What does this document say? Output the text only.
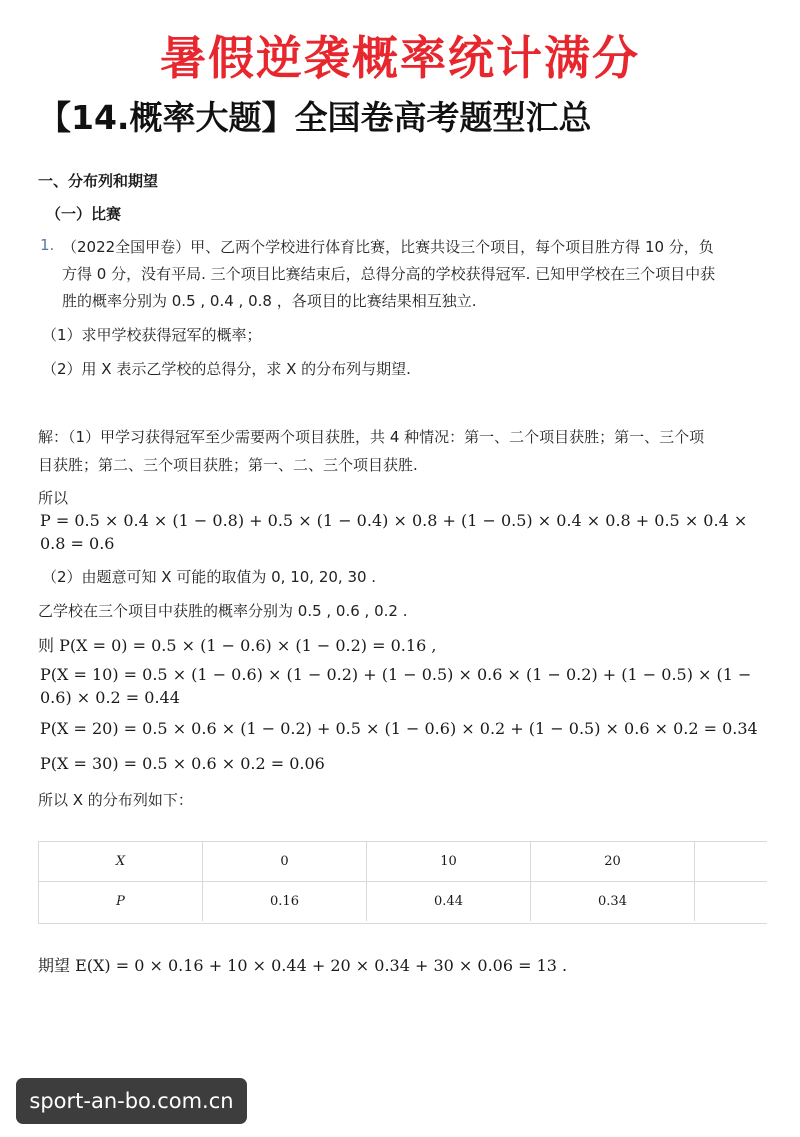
暑假逆袭概率统计满分
【14.概率大题】全国卷高考题型汇总
一、分布列和期望
（一）比赛
1. （2022全国甲卷）甲、乙两个学校进行体育比赛，比赛共设三个项目，每个项目胜方得 10 分，负
方得 0 分，没有平局. 三个项目比赛结束后，总得分高的学校获得冠军. 已知甲学校在三个项目中获
胜的概率分别为 0.5 , 0.4 , 0.8 ，各项目的比赛结果相互独立.
（1）求甲学校获得冠军的概率；
（2）用 X 表示乙学校的总得分，求 X 的分布列与期望.
解：（1）甲学习获得冠军至少需要两个项目获胜，共 4 种情况：第一、二个项目获胜；第一、三个项
目获胜；第二、三个项目获胜；第一、二、三个项目获胜.
所以
P = 0.5 × 0.4 × (1 − 0.8) + 0.5 × (1 − 0.4) × 0.8 + (1 − 0.5) × 0.4 × 0.8 + 0.5 × 0.4 ×
0.8 = 0.6
（2）由题意可知 X 可能的取值为 0, 10, 20, 30 .
乙学校在三个项目中获胜的概率分别为 0.5 , 0.6 , 0.2 .
则 P(X = 0) = 0.5 × (1 − 0.6) × (1 − 0.2) = 0.16 ,
P(X = 10) = 0.5 × (1 − 0.6) × (1 − 0.2) + (1 − 0.5) × 0.6 × (1 − 0.2) + (1 − 0.5) × (1 −
0.6) × 0.2 = 0.44
P(X = 20) = 0.5 × 0.6 × (1 − 0.2) + 0.5 × (1 − 0.6) × 0.2 + (1 − 0.5) × 0.6 × 0.2 = 0.34
P(X = 30) = 0.5 × 0.6 × 0.2 = 0.06
所以 X 的分布列如下：
X	0	10	20	
P	0.16	0.44	0.34	
期望 E(X) = 0 × 0.16 + 10 × 0.44 + 20 × 0.34 + 30 × 0.06 = 13 .
sport-an-bo.com.cn
